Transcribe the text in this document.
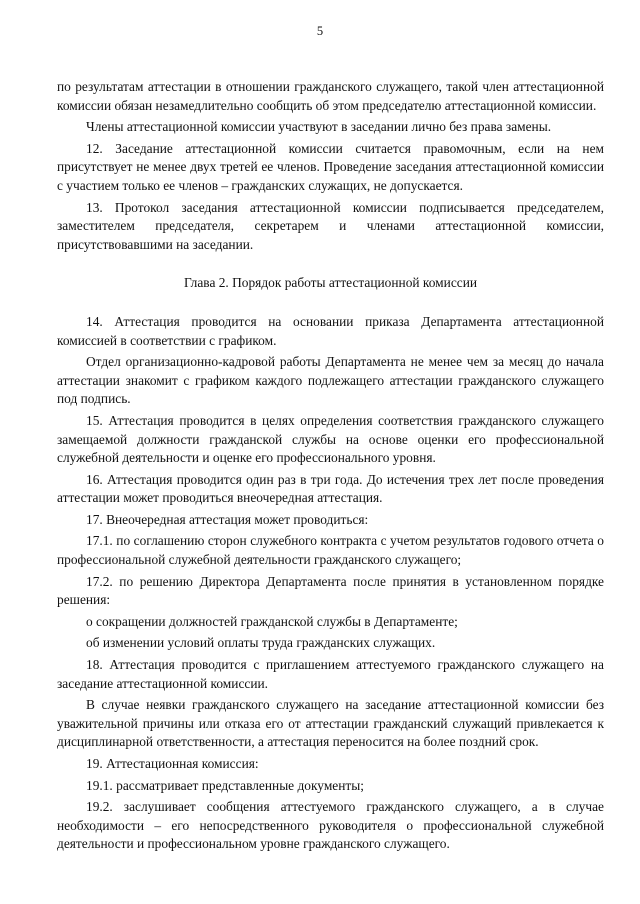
5

по результатам аттестации в отношении гражданского служащего, такой член аттестационной комиссии обязан незамедлительно сообщить об этом председателю аттестационной комиссии.

Члены аттестационной комиссии участвуют в заседании лично без права замены.

12. Заседание аттестационной комиссии считается правомочным, если на нем присутствует не менее двух третей ее членов. Проведение заседания аттестационной комиссии с участием только ее членов – гражданских служащих, не допускается.

13. Протокол заседания аттестационной комиссии подписывается председателем, заместителем председателя, секретарем и членами аттестационной комиссии, присутствовавшими на заседании.

Глава 2. Порядок работы аттестационной комиссии

14. Аттестация проводится на основании приказа Департамента аттестационной комиссией в соответствии с графиком.

Отдел организационно-кадровой работы Департамента не менее чем за месяц до начала аттестации знакомит с графиком каждого подлежащего аттестации гражданского служащего под подпись.

15. Аттестация проводится в целях определения соответствия гражданского служащего замещаемой должности гражданской службы на основе оценки его профессиональной служебной деятельности и оценке его профессионального уровня.

16. Аттестация проводится один раз в три года. До истечения трех лет после проведения аттестации может проводиться внеочередная аттестация.

17. Внеочередная аттестация может проводиться:

17.1. по соглашению сторон служебного контракта с учетом результатов годового отчета о профессиональной служебной деятельности гражданского служащего;

17.2. по решению Директора Департамента после принятия в установленном порядке решения:

о сокращении должностей гражданской службы в Департаменте;

об изменении условий оплаты труда гражданских служащих.

18. Аттестация проводится с приглашением аттестуемого гражданского служащего на заседание аттестационной комиссии.

В случае неявки гражданского служащего на заседание аттестационной комиссии без уважительной причины или отказа его от аттестации гражданский служащий привлекается к дисциплинарной ответственности, а аттестация переносится на более поздний срок.

19. Аттестационная комиссия:

19.1. рассматривает представленные документы;

19.2. заслушивает сообщения аттестуемого гражданского служащего, а в случае необходимости – его непосредственного руководителя о профессиональной служебной деятельности и профессиональном уровне гражданского служащего.
